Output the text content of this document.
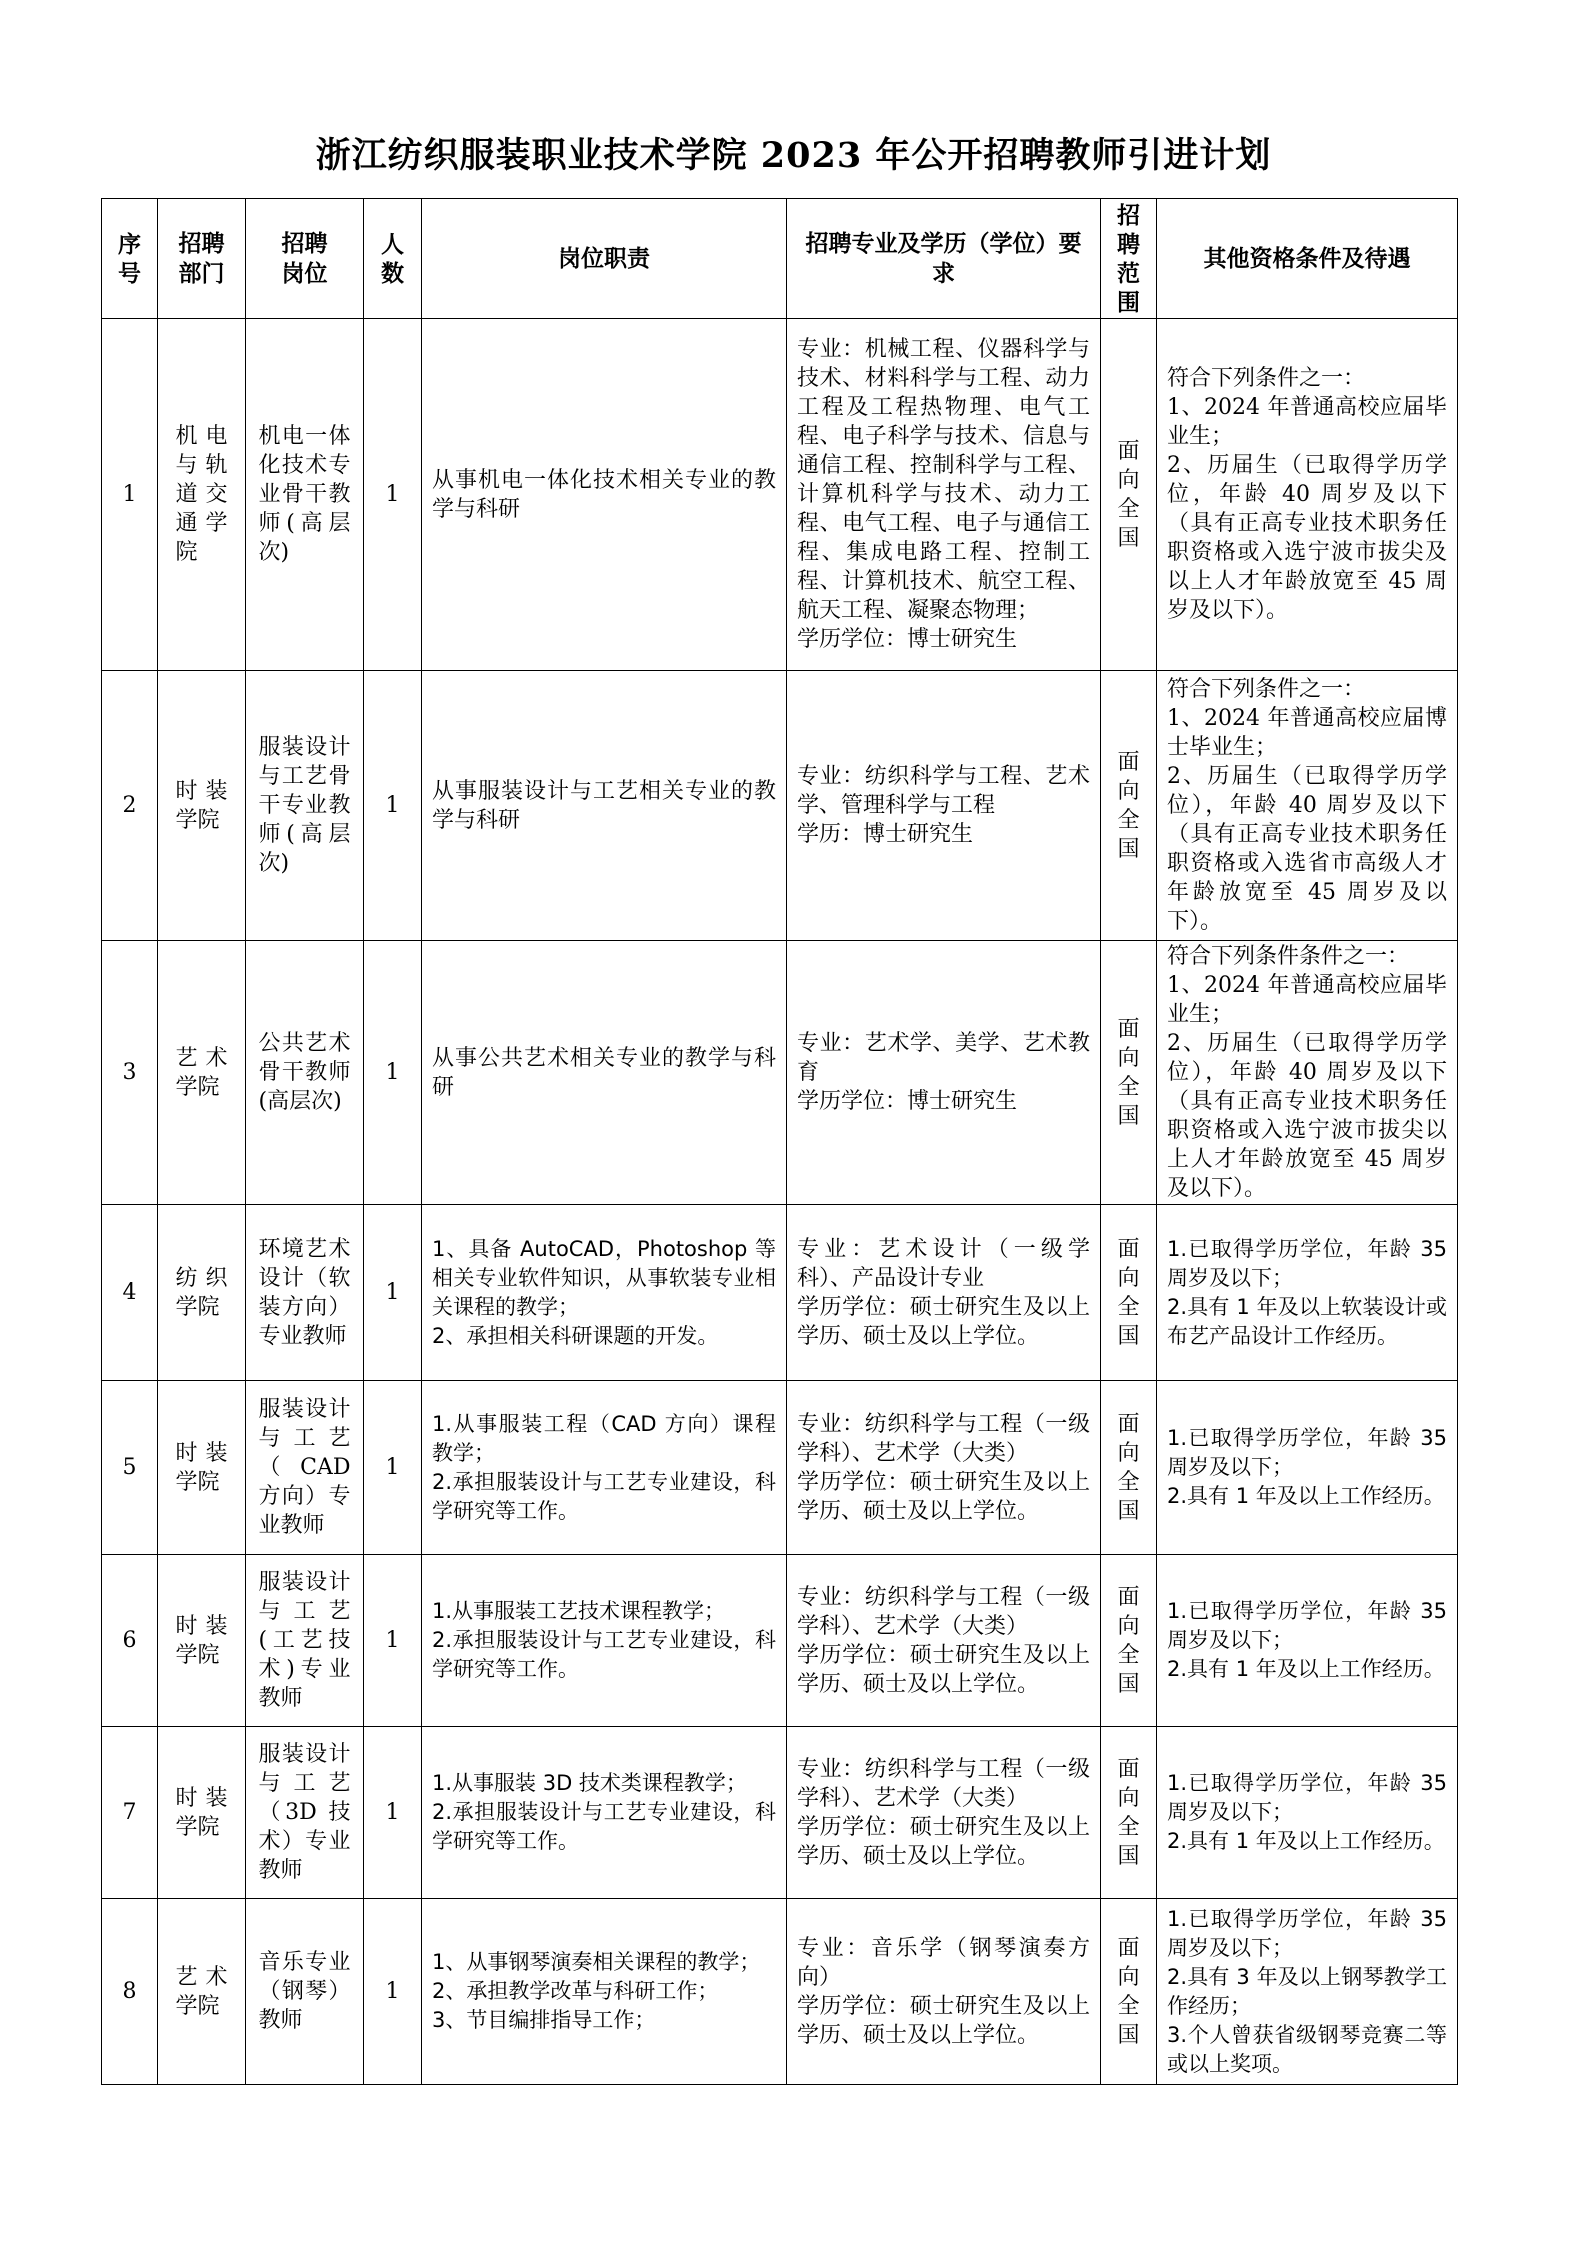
浙江纺织服装职业技术学院 2023 年公开招聘教师引进计划
序号	招聘部门	招聘岗位	人数	岗位职责	招聘专业及学历（学位）要求	招聘范围	其他资格条件及待遇
1	机电与轨道交通学院	机电一体化技术专业骨干教师(高层次)	1	从事机电一体化技术相关专业的教学与科研	专业：机械工程、仪器科学与技术、材料科学与工程、动力工程及工程热物理、电气工程、电子科学与技术、信息与通信工程、控制科学与工程、计算机科学与技术、动力工程、电气工程、电子与通信工程、集成电路工程、控制工程、计算机技术、航空工程、航天工程、凝聚态物理；
学历学位：博士研究生	面向全国	符合下列条件之一：
1、2024 年普通高校应届毕业生；
2、历届生（已取得学历学位，年龄 40 周岁及以下（具有正高专业技术职务任职资格或入选宁波市拔尖及以上人才年龄放宽至 45 周岁及以下）。
2	时装学院	服装设计与工艺骨干专业教师(高层次)	1	从事服装设计与工艺相关专业的教学与科研	专业：纺织科学与工程、艺术学、管理科学与工程
学历：博士研究生	面向全国	符合下列条件之一：
1、2024 年普通高校应届博士毕业生；
2、历届生（已取得学历学位），年龄 40 周岁及以下（具有正高专业技术职务任职资格或入选省市高级人才年龄放宽至 45 周岁及以下）。
3	艺术学院	公共艺术骨干教师(高层次)	1	从事公共艺术相关专业的教学与科研	专业：艺术学、美学、艺术教育
学历学位：博士研究生	面向全国	符合下列条件条件之一：
1、2024 年普通高校应届毕业生；
2、历届生（已取得学历学位），年龄 40 周岁及以下（具有正高专业技术职务任职资格或入选宁波市拔尖以上人才年龄放宽至 45 周岁及以下）。
4	纺织学院	环境艺术设计（软装方向）专业教师	1	1、具备 AutoCAD，Photoshop 等相关专业软件知识，从事软装专业相关课程的教学；
2、承担相关科研课题的开发。	专业：艺术设计（一级学科）、产品设计专业
学历学位：硕士研究生及以上学历、硕士及以上学位。	面向全国	1.已取得学历学位，年龄 35 周岁及以下；
2.具有 1 年及以上软装设计或布艺产品设计工作经历。
5	时装学院	服装设计与工艺（CAD 方向）专业教师	1	1.从事服装工程（CAD 方向）课程教学；
2.承担服装设计与工艺专业建设，科学研究等工作。	专业：纺织科学与工程（一级学科）、艺术学（大类）
学历学位：硕士研究生及以上学历、硕士及以上学位。	面向全国	1.已取得学历学位，年龄 35 周岁及以下；
2.具有 1 年及以上工作经历。
6	时装学院	服装设计与工艺(工艺技术)专业教师	1	1.从事服装工艺技术课程教学；
2.承担服装设计与工艺专业建设，科学研究等工作。	专业：纺织科学与工程（一级学科）、艺术学（大类）
学历学位：硕士研究生及以上学历、硕士及以上学位。	面向全国	1.已取得学历学位，年龄 35 周岁及以下；
2.具有 1 年及以上工作经历。
7	时装学院	服装设计与工艺（3D 技术）专业教师	1	1.从事服装 3D 技术类课程教学；
2.承担服装设计与工艺专业建设，科学研究等工作。	专业：纺织科学与工程（一级学科）、艺术学（大类）
学历学位：硕士研究生及以上学历、硕士及以上学位。	面向全国	1.已取得学历学位，年龄 35 周岁及以下；
2.具有 1 年及以上工作经历。
8	艺术学院	音乐专业（钢琴）教师	1	1、从事钢琴演奏相关课程的教学；
2、承担教学改革与科研工作；
3、节目编排指导工作；	专业：音乐学（钢琴演奏方向）
学历学位：硕士研究生及以上学历、硕士及以上学位。	面向全国	1.已取得学历学位，年龄 35 周岁及以下；
2.具有 3 年及以上钢琴教学工作经历；
3.个人曾获省级钢琴竞赛二等或以上奖项。
